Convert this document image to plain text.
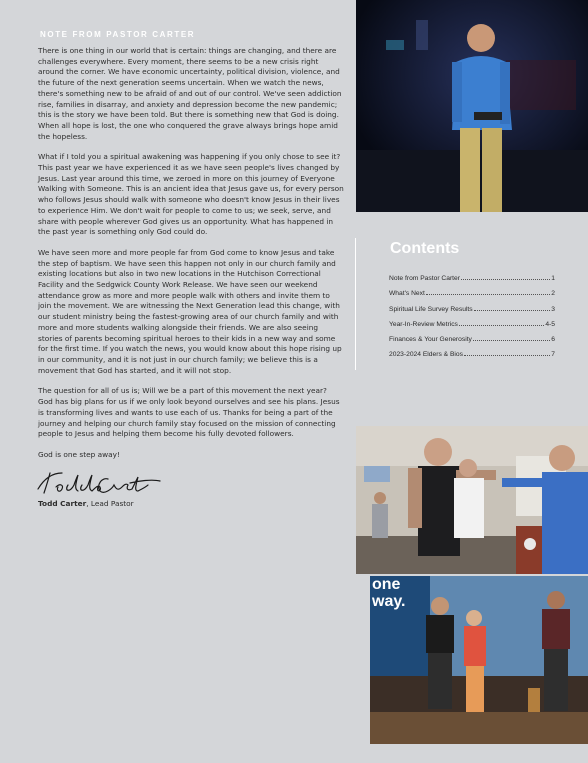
NOTE FROM PASTOR CARTER

There is one thing in our world that is certain: things are changing, and there are challenges everywhere. Every moment, there seems to be a new crisis right around the corner. We have economic uncertainty, political division, violence, and the future of the next generation seems uncertain. When we watch the news, there's something new to be afraid of and out of our control. We've seen addiction rise, families in disarray, and anxiety and depression become the new pandemic; this is the story we have been told. But there is something new that God is doing. When all hope is lost, the one who conquered the grave always brings hope amid the hopeless.

What if I told you a spiritual awakening was happening if you only chose to see it? This past year we have experienced it as we have seen people's lives changed by Jesus. Last year around this time, we zeroed in more on this journey of Everyone Walking with Someone. This is an ancient idea that Jesus gave us, for every person who follows Jesus should walk with someone who doesn't know Jesus in their lives to experience Him. We don't wait for people to come to us; we seek, serve, and share with people wherever God gives us an opportunity. What has happened in the past year is something only God could do.

We have seen more and more people far from God come to know Jesus and take the step of baptism. We have seen this happen not only in our church family and existing locations but also in two new locations in the Hutchison Correctional Facility and the Sedgwick County Work Release. We have seen our weekend attendance grow as more and more people walk with others and invite them to join the movement. We are witnessing the Next Generation lead this change, with our student ministry being the fastest-growing area of our church family and with more and more students walking alongside their friends. We are also seeing stories of parents becoming spiritual heroes to their kids in a new way and some for the first time. If you watch the news, you would know about this hope rising up in our community, and it is not just in our church family; we believe this is a movement that God has started, and it will not stop.

The question for all of us is; Will we be a part of this movement the next year? God has big plans for us if we only look beyond ourselves and see his plans. Jesus is transforming lives and wants to use each of us. Thanks for being a part of the journey and helping our church family stay focused on the mission of connecting people to Jesus and helping them become his fully devoted followers.

God is one step away!
Todd Carter, Lead Pastor
Contents
Note from Pastor Carter	1
What's Next	2
Spiritual Life Survey Results	3
Year-In-Review Metrics	4-5
Finances & Your Generosity	6
2023-2024 Elders & Bios	7
one
way.
